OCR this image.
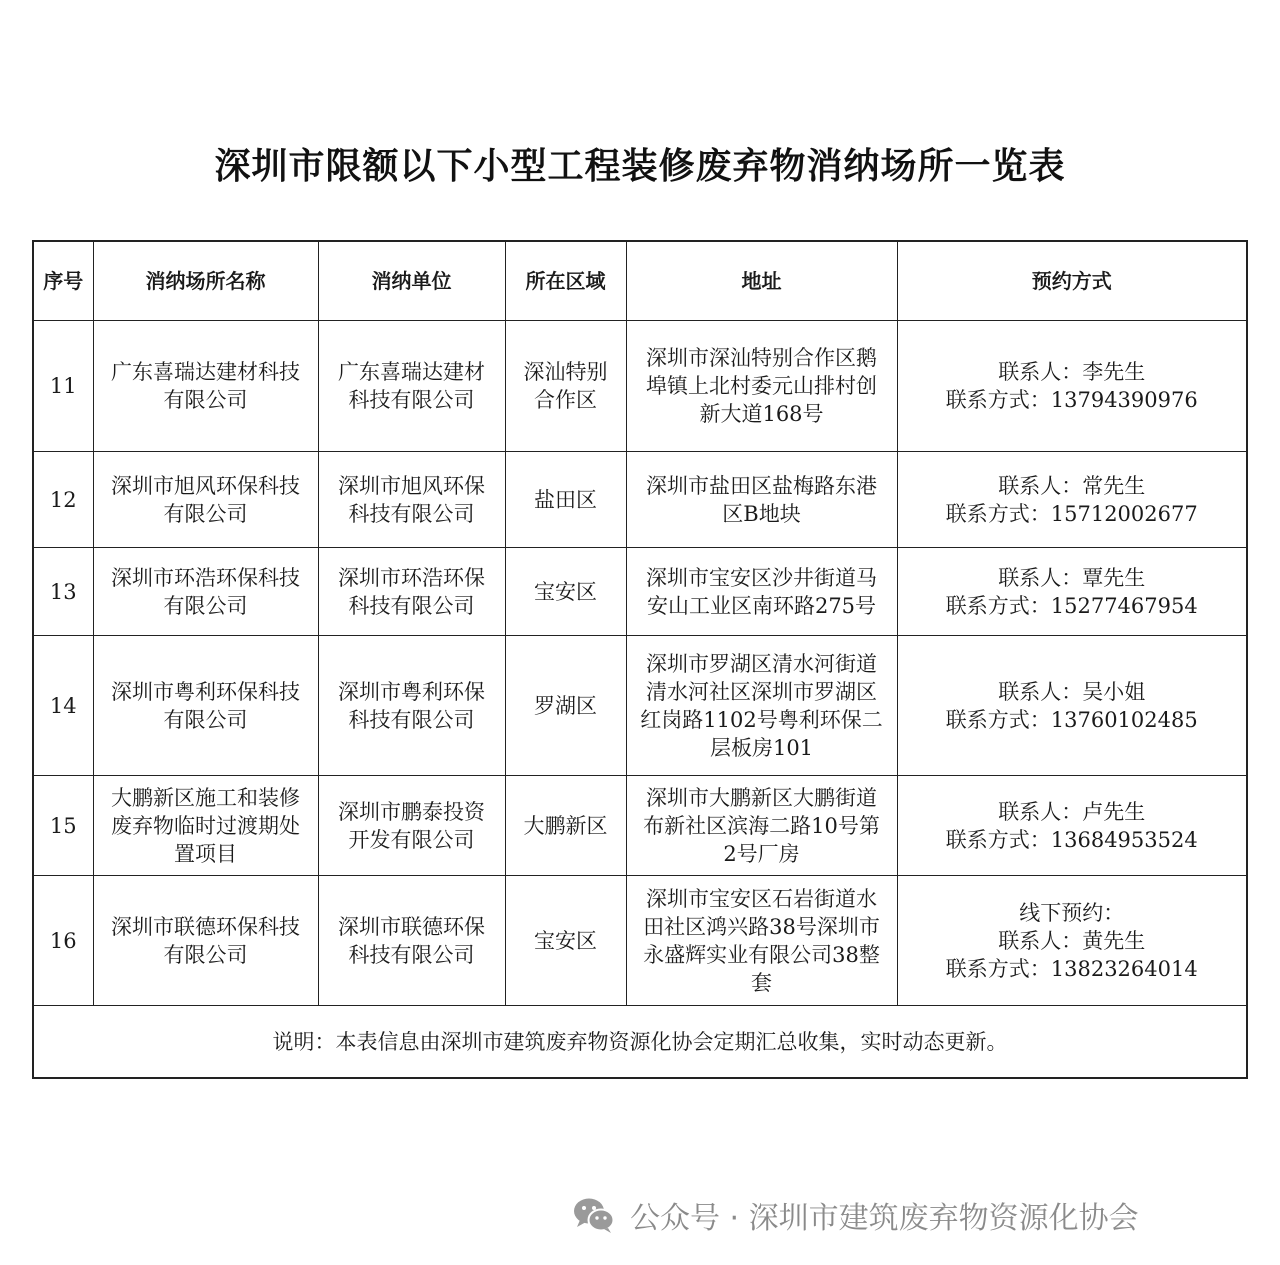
深圳市限额以下小型工程装修废弃物消纳场所一览表
序号	消纳场所名称	消纳单位	所在区域	地址	预约方式
11	广东喜瑞达建材科技
有限公司	广东喜瑞达建材
科技有限公司	深汕特别
合作区	深圳市深汕特别合作区鹅
埠镇上北村委元山排村创
新大道168号	联系人：李先生
联系方式：13794390976

12	深圳市旭风环保科技
有限公司	深圳市旭风环保
科技有限公司	盐田区	深圳市盐田区盐梅路东港
区B地块	联系人：常先生
联系方式：15712002677

13	深圳市环浩环保科技
有限公司	深圳市环浩环保
科技有限公司	宝安区	深圳市宝安区沙井街道马
安山工业区南环路275号	联系人：覃先生
联系方式：15277467954

14	深圳市粤利环保科技
有限公司	深圳市粤利环保
科技有限公司	罗湖区	深圳市罗湖区清水河街道
清水河社区深圳市罗湖区
红岗路1102号粤利环保二
层板房101	联系人：吴小姐
联系方式：13760102485

15	大鹏新区施工和装修
废弃物临时过渡期处
置项目	深圳市鹏泰投资
开发有限公司	大鹏新区	深圳市大鹏新区大鹏街道
布新社区滨海二路10号第
2号厂房	联系人：卢先生
联系方式：13684953524

16	深圳市联德环保科技
有限公司	深圳市联德环保
科技有限公司	宝安区	深圳市宝安区石岩街道水
田社区鸿兴路38号深圳市
永盛辉实业有限公司38整
套	线下预约：
联系人：黄先生
联系方式：13823264014

说明：本表信息由深圳市建筑废弃物资源化协会定期汇总收集，实时动态更新。					
公众号 · 深圳市建筑废弃物资源化协会
